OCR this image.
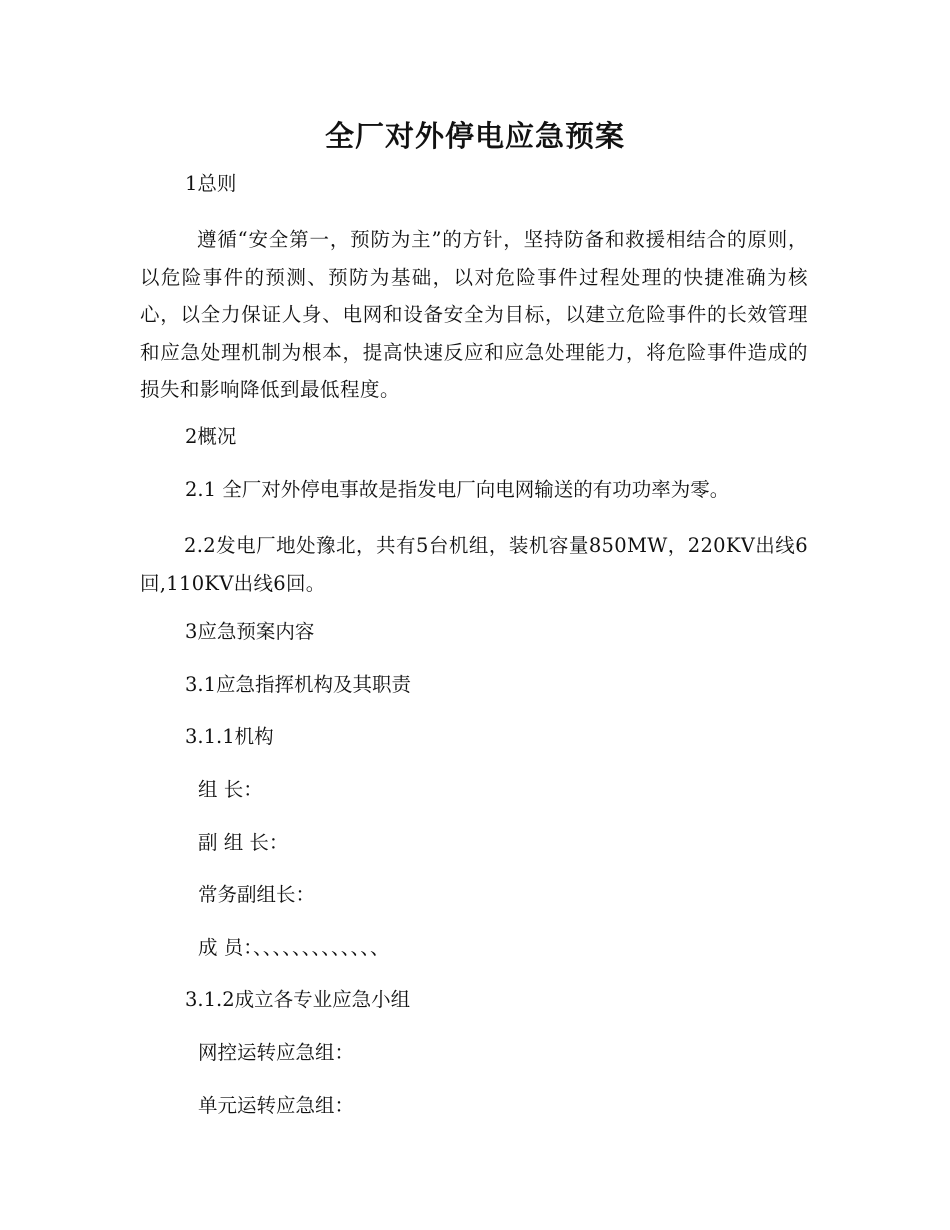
全厂对外停电应急预案
1总则
遵循“安全第一，预防为主”的方针，坚持防备和救援相结合的原则，以危险事件的预测、预防为基础，以对危险事件过程处理的快捷准确为核心，以全力保证人身、电网和设备安全为目标，以建立危险事件的长效管理和应急处理机制为根本，提高快速反应和应急处理能力，将危险事件造成的损失和影响降低到最低程度。
2概况
2.1 全厂对外停电事故是指发电厂向电网输送的有功功率为零。
2.2发电厂地处豫北，共有5台机组，装机容量850MW，220KV出线6回,110KV出线6回。
3应急预案内容
3.1应急指挥机构及其职责
3.1.1机构
组 长：
副 组 长：
常务副组长：
成 员：、、、、、、、、、、、、、
3.1.2成立各专业应急小组
网控运转应急组：
单元运转应急组：
